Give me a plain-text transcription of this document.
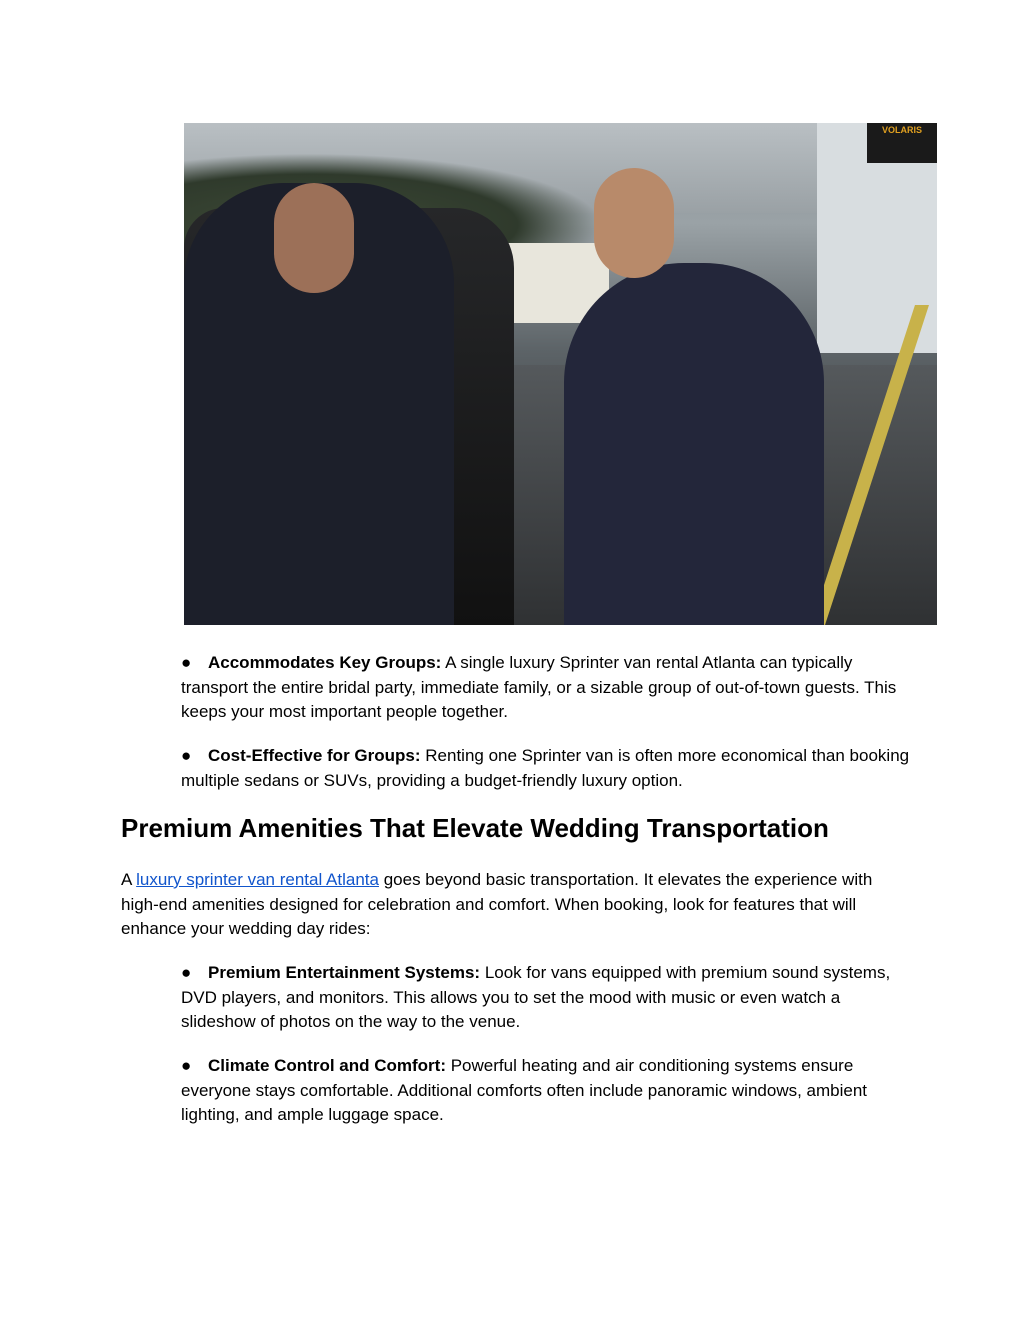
VOLARIS
● Accommodates Key Groups: A single luxury Sprinter van rental Atlanta can typically transport the entire bridal party, immediate family, or a sizable group of out-of-town guests. This keeps your most important people together.
● Cost-Effective for Groups: Renting one Sprinter van is often more economical than booking multiple sedans or SUVs, providing a budget-friendly luxury option.
Premium Amenities That Elevate Wedding Transportation

A luxury sprinter van rental Atlanta goes beyond basic transportation. It elevates the experience with high-end amenities designed for celebration and comfort. When booking, look for features that will enhance your wedding day rides:

● Premium Entertainment Systems: Look for vans equipped with premium sound systems, DVD players, and monitors. This allows you to set the mood with music or even watch a slideshow of photos on the way to the venue.
● Climate Control and Comfort: Powerful heating and air conditioning systems ensure everyone stays comfortable. Additional comforts often include panoramic windows, ambient lighting, and ample luggage space.
